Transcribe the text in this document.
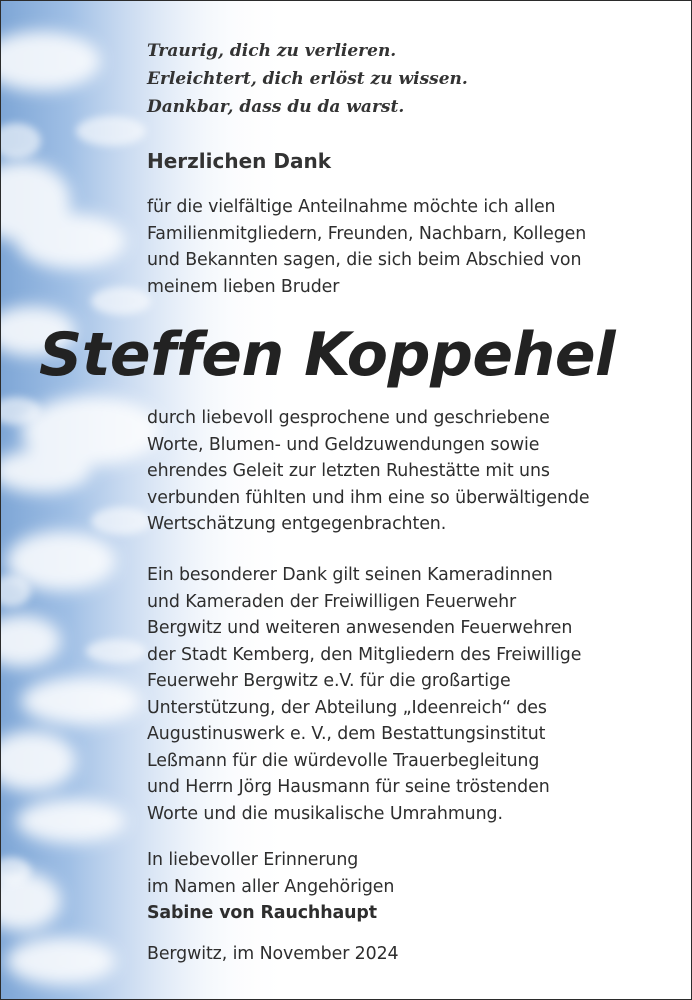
Traurig, dich zu verlieren.
Erleichtert, dich erlöst zu wissen.
Dankbar, dass du da warst.

Herzlichen Dank

für die vielfältige Anteilnahme möchte ich allen
Familienmitgliedern, Freunden, Nachbarn, Kollegen
und Bekannten sagen, die sich beim Abschied von
meinem lieben Bruder

Steffen Koppehel

durch liebevoll gesprochene und geschriebene
Worte, Blumen- und Geldzuwendungen sowie
ehrendes Geleit zur letzten Ruhestätte mit uns
verbunden fühlten und ihm eine so überwältigende
Wertschätzung entgegenbrachten.

Ein besonderer Dank gilt seinen Kameradinnen
und Kameraden der Freiwilligen Feuerwehr
Bergwitz und weiteren anwesenden Feuerwehren
der Stadt Kemberg, den Mitgliedern des Freiwillige
Feuerwehr Bergwitz e.V. für die großartige
Unterstützung, der Abteilung „Ideenreich“ des
Augustinuswerk e. V., dem Bestattungsinstitut
Leßmann für die würdevolle Trauerbegleitung
und Herrn Jörg Hausmann für seine tröstenden
Worte und die musikalische Umrahmung.

In liebevoller Erinnerung
im Namen aller Angehörigen
Sabine von Rauchhaupt

Bergwitz, im November 2024
